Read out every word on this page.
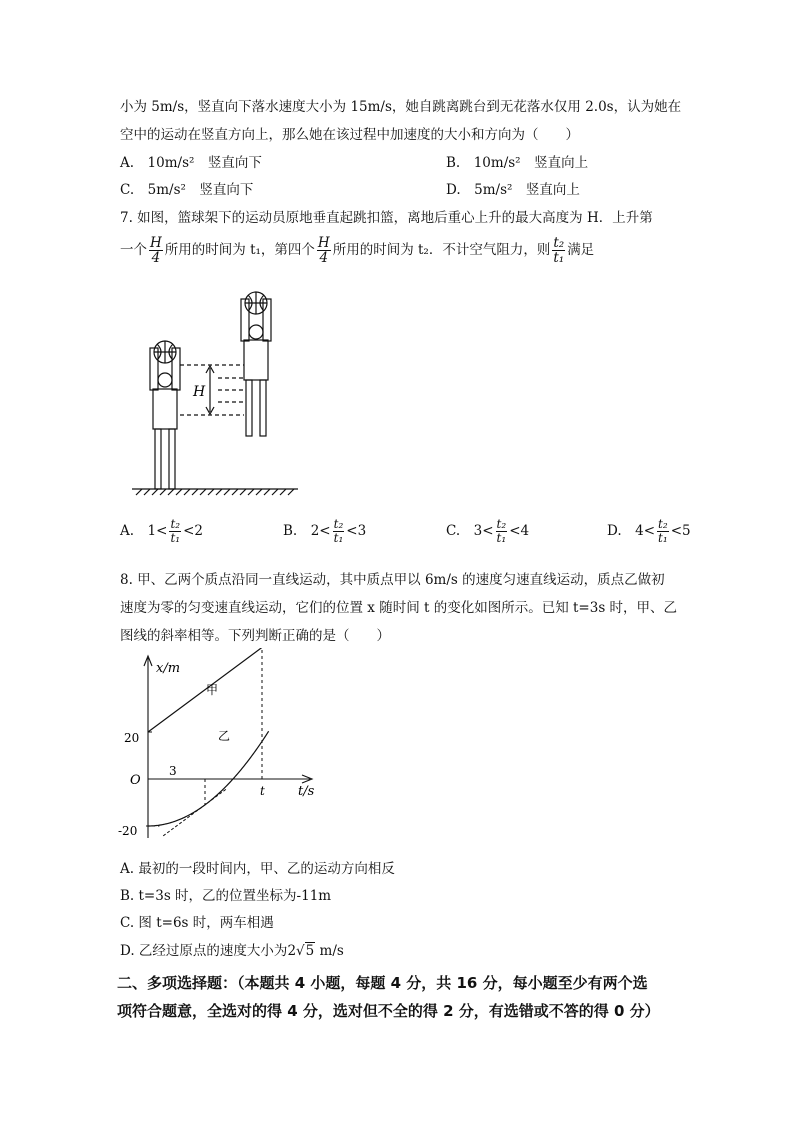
小为 5m/s，竖直向下落水速度大小为 15m/s，她自跳离跳台到无花落水仅用 2.0s，认为她在
空中的运动在竖直方向上，那么她在该过程中加速度的大小和方向为（　　）
A.　10m/s²　竖直向下	B.　10m/s²　竖直向上
C.　5m/s²　竖直向下	D.　5m/s²　竖直向上
7. 如图，篮球架下的运动员原地垂直起跳扣篮，离地后重心上升的最大高度为 H．上升第
一个 $\frac{H}{4}$ 所用的时间为 t₁，第四个 $\frac{H}{4}$ 所用的时间为 t₂．不计空气阻力，则 $\frac{\text{t₂}}{\text{t₁}}$ 满足
H
A.　$1< \frac{\text{t₂}}{\text{t₁}} <2$	B.　$2< \frac{\text{t₂}}{\text{t₁}} <3$	C.　$3< \frac{\text{t₂}}{\text{t₁}} <4$	D.　$4< \frac{\text{t₂}}{\text{t₁}} <5$
8. 甲、乙两个质点沿同一直线运动，其中质点甲以 6m/s 的速度匀速直线运动，质点乙做初
速度为零的匀变速直线运动，它们的位置 x 随时间 t 的变化如图所示。已知 t=3s 时，甲、乙
图线的斜率相等。下列判断正确的是（　　）
x/m
t/s
O
3
t
20
-20
甲
乙
A. 最初的一段时间内，甲、乙的运动方向相反
B. t=3s 时，乙的位置坐标为-11m
C. 图 t=6s 时，两车相遇
D. 乙经过原点的速度大小为2√5 m/s
二、多项选择题：（本题共 4 小题，每题 4 分，共 16 分，每小题至少有两个选
项符合题意，全选对的得 4 分，选对但不全的得 2 分，有选错或不答的得 0 分）
